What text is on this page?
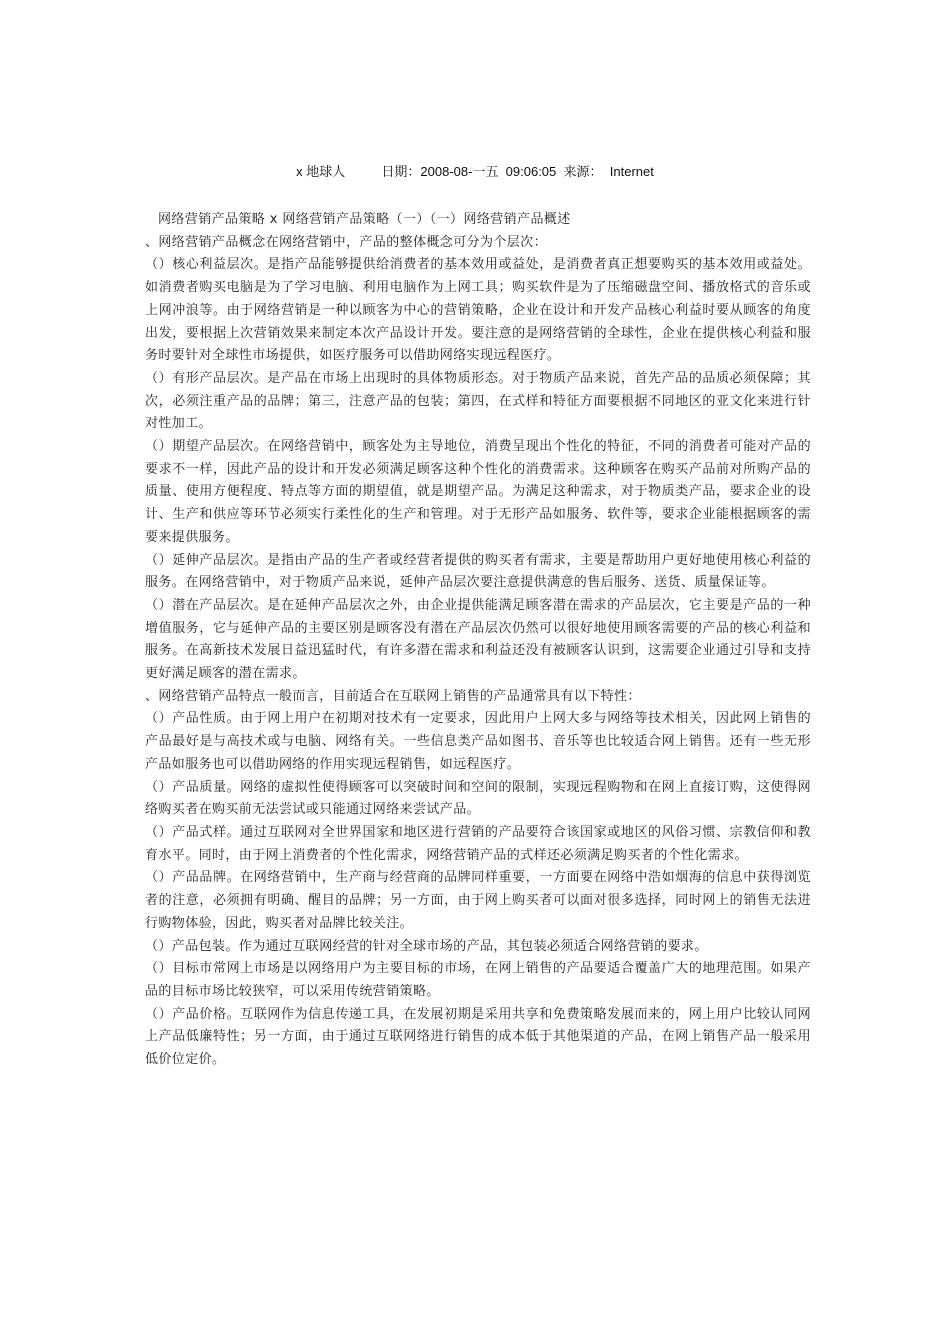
x 地球人	日期：2008-08-一五  09:06:05 来源： Internet

网络营销产品策略 x 网络营销产品策略（一）（一）网络营销产品概述

、网络营销产品概念在网络营销中，产品的整体概念可分为个层次：

（）核心利益层次。是指产品能够提供给消费者的基本效用或益处，是消费者真正想要购买的基本效用或益处。如消费者购买电脑是为了学习电脑、利用电脑作为上网工具；购买软件是为了压缩磁盘空间、播放格式的音乐或上网冲浪等。由于网络营销是一种以顾客为中心的营销策略，企业在设计和开发产品核心利益时要从顾客的角度出发，要根据上次营销效果来制定本次产品设计开发。要注意的是网络营销的全球性，企业在提供核心利益和服务时要针对全球性市场提供，如医疗服务可以借助网络实现远程医疗。

（）有形产品层次。是产品在市场上出现时的具体物质形态。对于物质产品来说，首先产品的品质必须保障；其次，必须注重产品的品牌；第三，注意产品的包装；第四，在式样和特征方面要根据不同地区的亚文化来进行针对性加工。

（）期望产品层次。在网络营销中，顾客处为主导地位，消费呈现出个性化的特征，不同的消费者可能对产品的要求不一样，因此产品的设计和开发必须满足顾客这种个性化的消费需求。这种顾客在购买产品前对所购产品的质量、使用方便程度、特点等方面的期望值，就是期望产品。为满足这种需求，对于物质类产品，要求企业的设计、生产和供应等环节必须实行柔性化的生产和管理。对于无形产品如服务、软件等，要求企业能根据顾客的需要来提供服务。

（）延伸产品层次。是指由产品的生产者或经营者提供的购买者有需求，主要是帮助用户更好地使用核心利益的服务。在网络营销中，对于物质产品来说，延伸产品层次要注意提供满意的售后服务、送货、质量保证等。

（）潜在产品层次。是在延伸产品层次之外，由企业提供能满足顾客潜在需求的产品层次，它主要是产品的一种增值服务，它与延伸产品的主要区别是顾客没有潜在产品层次仍然可以很好地使用顾客需要的产品的核心利益和服务。在高新技术发展日益迅猛时代，有许多潜在需求和利益还没有被顾客认识到，这需要企业通过引导和支持更好满足顾客的潜在需求。

、网络营销产品特点一般而言，目前适合在互联网上销售的产品通常具有以下特性：

（）产品性质。由于网上用户在初期对技术有一定要求，因此用户上网大多与网络等技术相关，因此网上销售的产品最好是与高技术或与电脑、网络有关。一些信息类产品如图书、音乐等也比较适合网上销售。还有一些无形产品如服务也可以借助网络的作用实现远程销售，如远程医疗。

（）产品质量。网络的虚拟性使得顾客可以突破时间和空间的限制，实现远程购物和在网上直接订购，这使得网络购买者在购买前无法尝试或只能通过网络来尝试产品。

（）产品式样。通过互联网对全世界国家和地区进行营销的产品要符合该国家或地区的风俗习惯、宗教信仰和教育水平。同时，由于网上消费者的个性化需求，网络营销产品的式样还必须满足购买者的个性化需求。

（）产品品牌。在网络营销中，生产商与经营商的品牌同样重要，一方面要在网络中浩如烟海的信息中获得浏览者的注意，必须拥有明确、醒目的品牌；另一方面，由于网上购买者可以面对很多选择，同时网上的销售无法进行购物体验，因此，购买者对品牌比较关注。

（）产品包装。作为通过互联网经营的针对全球市场的产品，其包装必须适合网络营销的要求。

（）目标市常网上市场是以网络用户为主要目标的市场，在网上销售的产品要适合覆盖广大的地理范围。如果产品的目标市场比较狭窄，可以采用传统营销策略。

（）产品价格。互联网作为信息传递工具，在发展初期是采用共享和免费策略发展而来的，网上用户比较认同网上产品低廉特性；另一方面，由于通过互联网络进行销售的成本低于其他渠道的产品，在网上销售产品一般采用低价位定价。
